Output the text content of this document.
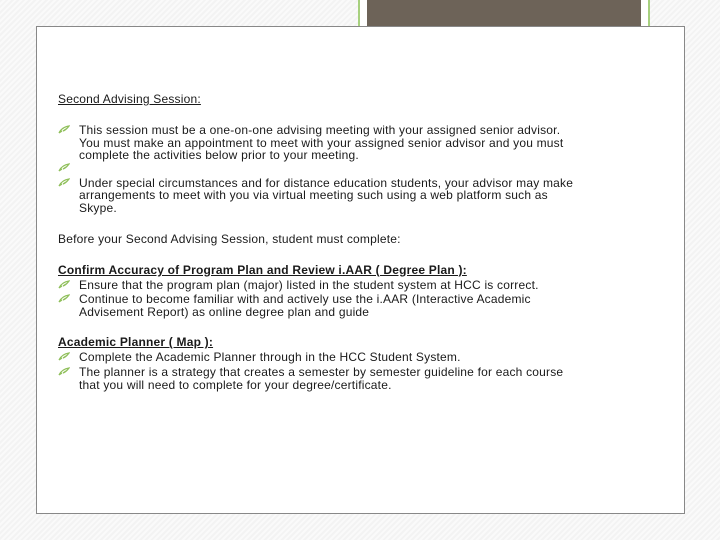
Second Advising Session:

This session must be a one-on-one advising meeting with your assigned senior advisor. You must make an appointment to meet with your assigned senior advisor and you must complete the activities below prior to your meeting.
Under special circumstances and for distance education students, your advisor may make arrangements to meet with you via virtual meeting such using a web platform such as Skype.

Before your Second Advising Session, student must complete:

Confirm Accuracy of Program Plan and Review i.AAR ( Degree Plan ):

Ensure that the program plan (major) listed in the student system at HCC is correct.
Continue to become familiar with and actively use the i.AAR (Interactive Academic Advisement Report) as online degree plan and guide

Academic Planner ( Map ):

Complete the Academic Planner through in the HCC Student System.
The planner is a strategy that creates a semester by semester guideline for each course that you will need to complete for your degree/certificate.
